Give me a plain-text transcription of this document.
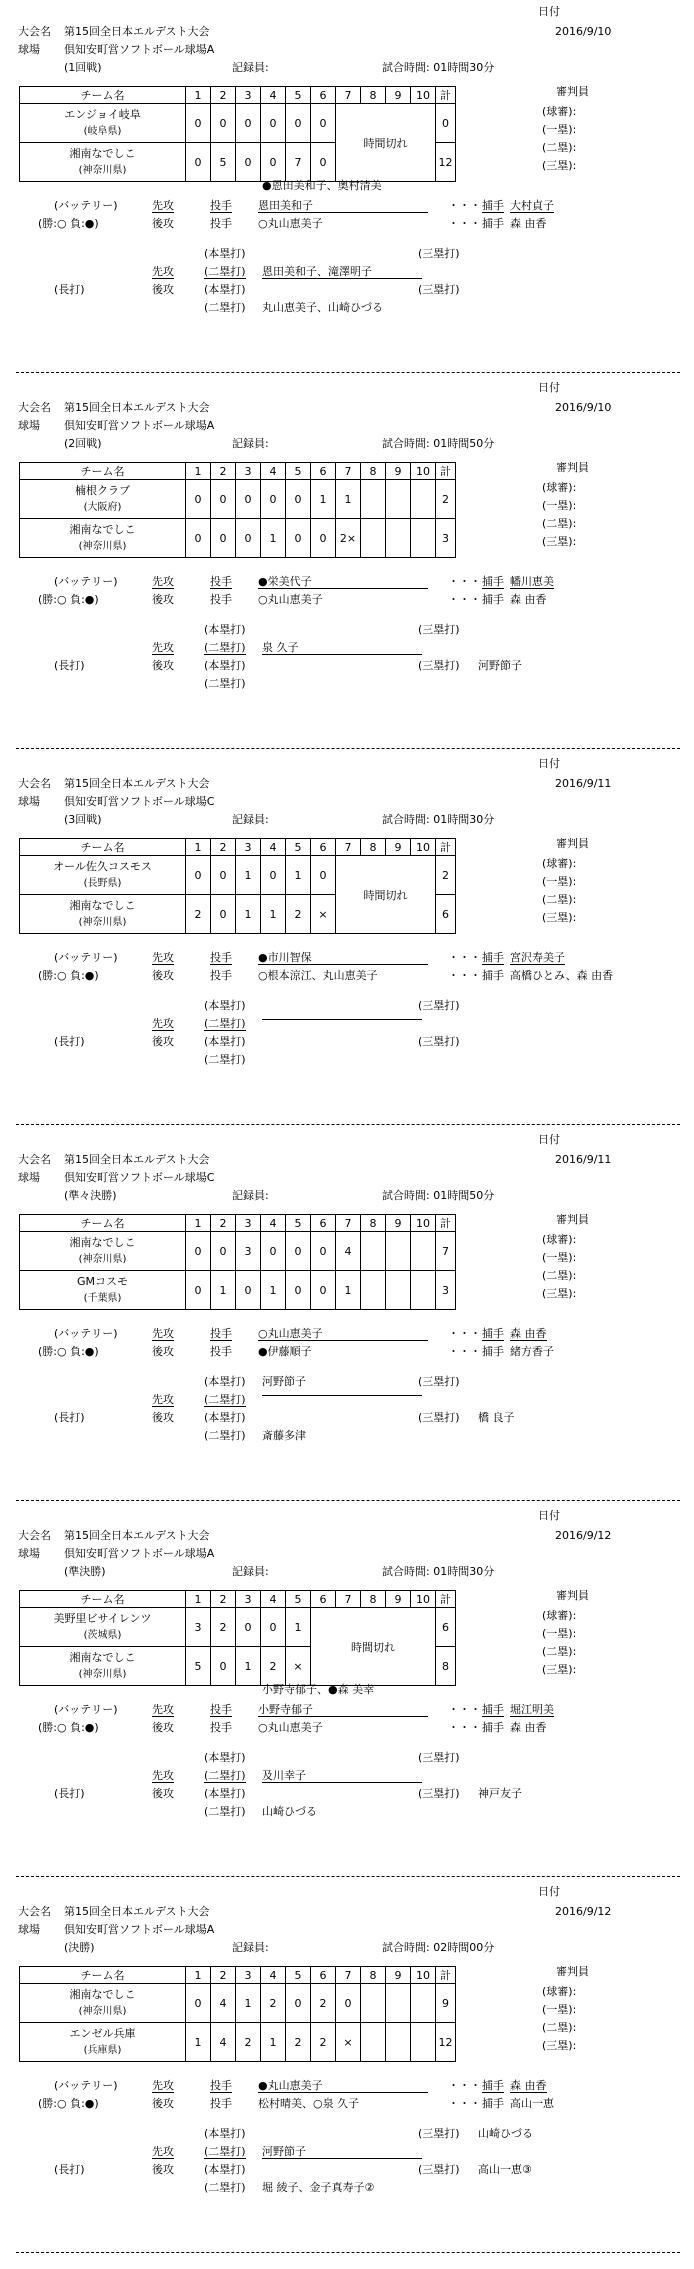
日付
大会名 第15回全日本エルデスト大会	2016/9/10
球場 倶知安町営ソフトボール球場A
(1回戦)	記録員:	試合時間: 01時間30分
チーム名	1	2	3	4	5	6	7	8	9	10	計

エンジョイ岐阜
(岐阜県)	0	0	0	0	0	0	時間切れ				0

湘南なでしこ
(神奈川県)	0	5	0	0	7	0					12
審判員
(球審):
(一塁):
(二塁):
(三塁):
●恩田美和子、奥村清美
(バッテリー)
(勝:○ 負:●)
先攻	投手 恩田美和子	・・・ 捕手 大村貞子
後攻	投手 ○丸山恵美子	・・・ 捕手 森 由香
(長打)
(本塁打)	(三塁打)
先攻	(二塁打) 恩田美和子、滝澤明子
後攻	(本塁打)	(三塁打)
(二塁打) 丸山恵美子、山崎ひづる
日付
大会名 第15回全日本エルデスト大会	2016/9/10
球場 倶知安町営ソフトボール球場A
(2回戦)	記録員:	試合時間: 01時間50分
チーム名	1	2	3	4	5	6	7	8	9	10	計

楠根クラブ
(大阪府)	0	0	0	0	0	1	1				2

湘南なでしこ
(神奈川県)	0	0	0	1	0	0	2×				3
審判員
(球審):
(一塁):
(二塁):
(三塁):
(バッテリー)
(勝:○ 負:●)
先攻	投手 ●栄美代子	・・・ 捕手 幡川恵美
後攻	投手 ○丸山恵美子	・・・ 捕手 森 由香
(長打)
(本塁打)	(三塁打)
先攻	(二塁打) 泉 久子
後攻	(本塁打)	(三塁打) 河野節子
(二塁打)
日付
大会名 第15回全日本エルデスト大会	2016/9/11
球場 倶知安町営ソフトボール球場C
(3回戦)	記録員:	試合時間: 01時間30分
チーム名	1	2	3	4	5	6	7	8	9	10	計

オール佐久コスモス
(長野県)	0	0	1	0	1	0	時間切れ				2

湘南なでしこ
(神奈川県)	2	0	1	1	2	×					6
審判員
(球審):
(一塁):
(二塁):
(三塁):
(バッテリー)
(勝:○ 負:●)
先攻	投手 ●市川智保	・・・ 捕手 宮沢寿美子
後攻	投手 ○根本涼江、丸山恵美子	・・・ 捕手 高橋ひとみ、森 由香
(長打)
(本塁打)	(三塁打)
先攻	(二塁打)
後攻	(本塁打)	(三塁打)
(二塁打)
日付
大会名 第15回全日本エルデスト大会	2016/9/11
球場 倶知安町営ソフトボール球場C
(準々決勝)	記録員:	試合時間: 01時間50分
チーム名	1	2	3	4	5	6	7	8	9	10	計

湘南なでしこ
(神奈川県)	0	0	3	0	0	0	4				7

GMコスモ
(千葉県)	0	1	0	1	0	0	1				3
審判員
(球審):
(一塁):
(二塁):
(三塁):
(バッテリー)
(勝:○ 負:●)
先攻	投手 ○丸山恵美子	・・・ 捕手 森 由香
後攻	投手 ●伊藤順子	・・・ 捕手 緒方香子
(長打)
(本塁打) 河野節子	(三塁打)
先攻	(二塁打)
後攻	(本塁打)	(三塁打) 橋 良子
(二塁打) 斎藤多津
日付
大会名 第15回全日本エルデスト大会	2016/9/12
球場 倶知安町営ソフトボール球場A
(準決勝)	記録員:	試合時間: 01時間30分
チーム名	1	2	3	4	5	6	7	8	9	10	計

美野里ビサイレンツ
(茨城県)	3	2	0	0	1	時間切れ					6

湘南なでしこ
(神奈川県)	5	0	1	2	×						8
審判員
(球審):
(一塁):
(二塁):
(三塁):
小野寺郁子、●森 美幸
(バッテリー)
(勝:○ 負:●)
先攻	投手 小野寺郁子	・・・ 捕手 堀江明美
後攻	投手 ○丸山恵美子	・・・ 捕手 森 由香
(長打)
(本塁打)	(三塁打)
先攻	(二塁打) 及川幸子
後攻	(本塁打)	(三塁打) 神戸友子
(二塁打) 山崎ひづる
日付
大会名 第15回全日本エルデスト大会	2016/9/12
球場 倶知安町営ソフトボール球場A
(決勝)	記録員:	試合時間: 02時間00分
チーム名	1	2	3	4	5	6	7	8	9	10	計

湘南なでしこ
(神奈川県)	0	4	1	2	0	2	0				9

エンゼル兵庫
(兵庫県)	1	4	2	1	2	2	×				12
審判員
(球審):
(一塁):
(二塁):
(三塁):
(バッテリー)
(勝:○ 負:●)
先攻	投手 ●丸山恵美子	・・・ 捕手 森 由香
後攻	投手 松村晴美、○泉 久子	・・・ 捕手 高山一恵
(長打)
(本塁打)	(三塁打) 山崎ひづる
先攻	(二塁打) 河野節子
後攻	(本塁打)	(三塁打) 高山一恵③
(二塁打) 堀 綾子、金子真寿子②
